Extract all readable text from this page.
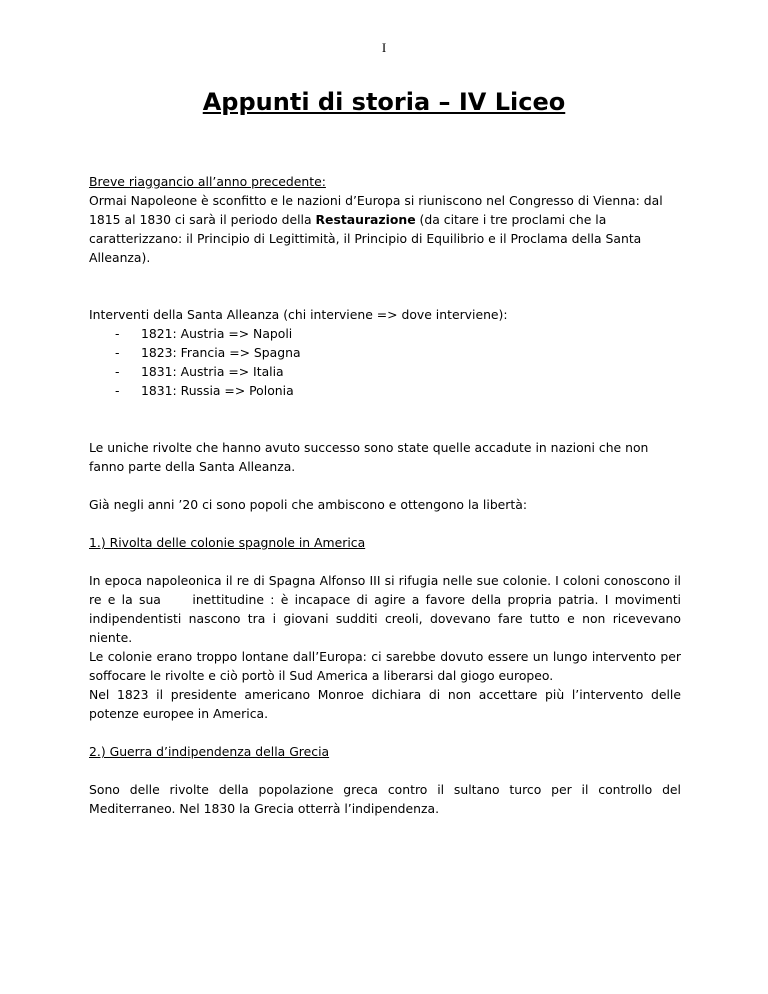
I
Appunti di storia – IV Liceo
Breve riaggancio all’anno precedente:

Ormai Napoleone è sconfitto e le nazioni d’Europa si riuniscono nel Congresso di Vienna: dal 1815 al 1830 ci sarà il periodo della Restaurazione (da citare i tre proclami che la caratterizzano: il Principio di Legittimità, il Principio di Equilibrio e il Proclama della Santa Alleanza).

Interventi della Santa Alleanza (chi interviene => dove interviene):

- 1821: Austria => Napoli
- 1823: Francia => Spagna
- 1831: Austria => Italia
- 1831: Russia => Polonia

Le uniche rivolte che hanno avuto successo sono state quelle accadute in nazioni che non fanno parte della Santa Alleanza.

Già negli anni ’20 ci sono popoli che ambiscono e ottengono la libertà:

1.) Rivolta delle colonie spagnole in America

In epoca napoleonica il re di Spagna Alfonso III si rifugia nelle sue colonie. I coloni conoscono il re e la sua     inettitudine : è incapace di agire a favore della propria patria. I movimenti indipendentisti nascono tra i giovani sudditi creoli, dovevano fare tutto e non ricevevano niente.

Le colonie erano troppo lontane dall’Europa: ci sarebbe dovuto essere un lungo intervento per soffocare le rivolte e ciò portò il Sud America a liberarsi dal giogo europeo.

Nel 1823 il presidente americano Monroe dichiara di non accettare più l’intervento delle potenze europee in America.

2.) Guerra d’indipendenza della Grecia

Sono delle rivolte della popolazione greca contro il sultano turco per il controllo del Mediterraneo. Nel 1830 la Grecia otterrà l’indipendenza.
